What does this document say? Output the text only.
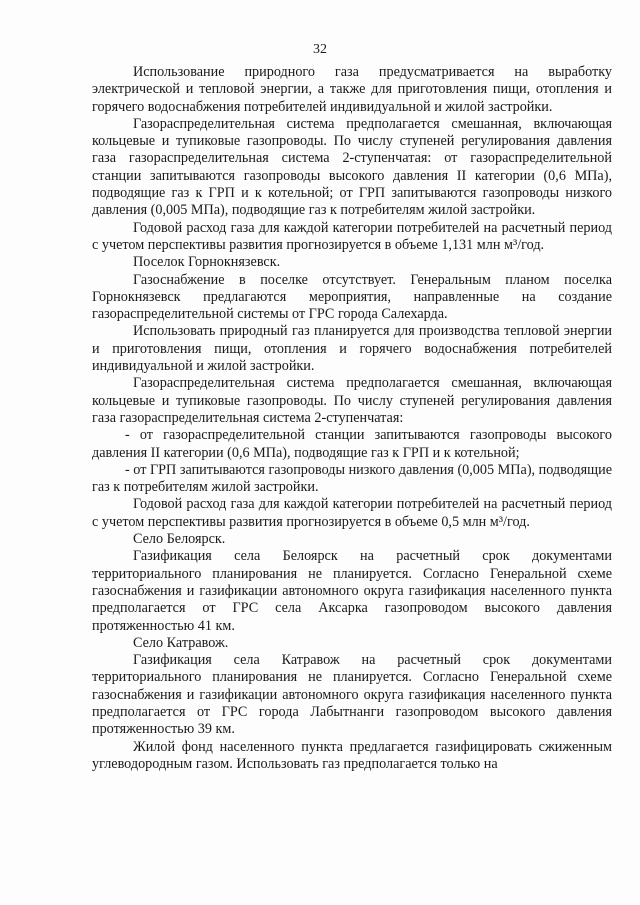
32

Использование природного газа предусматривается на выработку электрической и тепловой энергии, а также для приготовления пищи, отопления и горячего водоснабжения потребителей индивидуальной и жилой застройки.

Газораспределительная система предполагается смешанная, включающая кольцевые и тупиковые газопроводы. По числу ступеней регулирования давления газа газораспределительная система 2-ступенчатая: от газораспределительной станции запитываются газопроводы высокого давления II категории (0,6 МПа), подводящие газ к ГРП и к котельной; от ГРП запитываются газопроводы низкого давления (0,005 МПа), подводящие газ к потребителям жилой застройки.

Годовой расход газа для каждой категории потребителей на расчетный период с учетом перспективы развития прогнозируется в объеме 1,131 млн м³/год.

Поселок Горнокнязевск.

Газоснабжение в поселке отсутствует. Генеральным планом поселка Горнокнязевск предлагаются мероприятия, направленные на создание газораспределительной системы от ГРС города Салехарда.

Использовать природный газ планируется для производства тепловой энергии и приготовления пищи, отопления и горячего водоснабжения потребителей индивидуальной и жилой застройки.

Газораспределительная система предполагается смешанная, включающая кольцевые и тупиковые газопроводы. По числу ступеней регулирования давления газа газораспределительная система 2-ступенчатая:

- от газораспределительной станции запитываются газопроводы высокого давления II категории (0,6 МПа), подводящие газ к ГРП и к котельной;

- от ГРП запитываются газопроводы низкого давления (0,005 МПа), подводящие газ к потребителям жилой застройки.

Годовой расход газа для каждой категории потребителей на расчетный период с учетом перспективы развития прогнозируется в объеме 0,5 млн м³/год.

Село Белоярск.

Газификация села Белоярск на расчетный срок документами территориального планирования не планируется. Согласно Генеральной схеме газоснабжения и газификации автономного округа газификация населенного пункта предполагается от ГРС села Аксарка газопроводом высокого давления протяженностью 41 км.

Село Катравож.

Газификация села Катравож на расчетный срок документами территориального планирования не планируется. Согласно Генеральной схеме газоснабжения и газификации автономного округа газификация населенного пункта предполагается от ГРС города Лабытнанги газопроводом высокого давления протяженностью 39 км.

Жилой фонд населенного пункта предлагается газифицировать сжиженным углеводородным газом. Использовать газ предполагается только на
